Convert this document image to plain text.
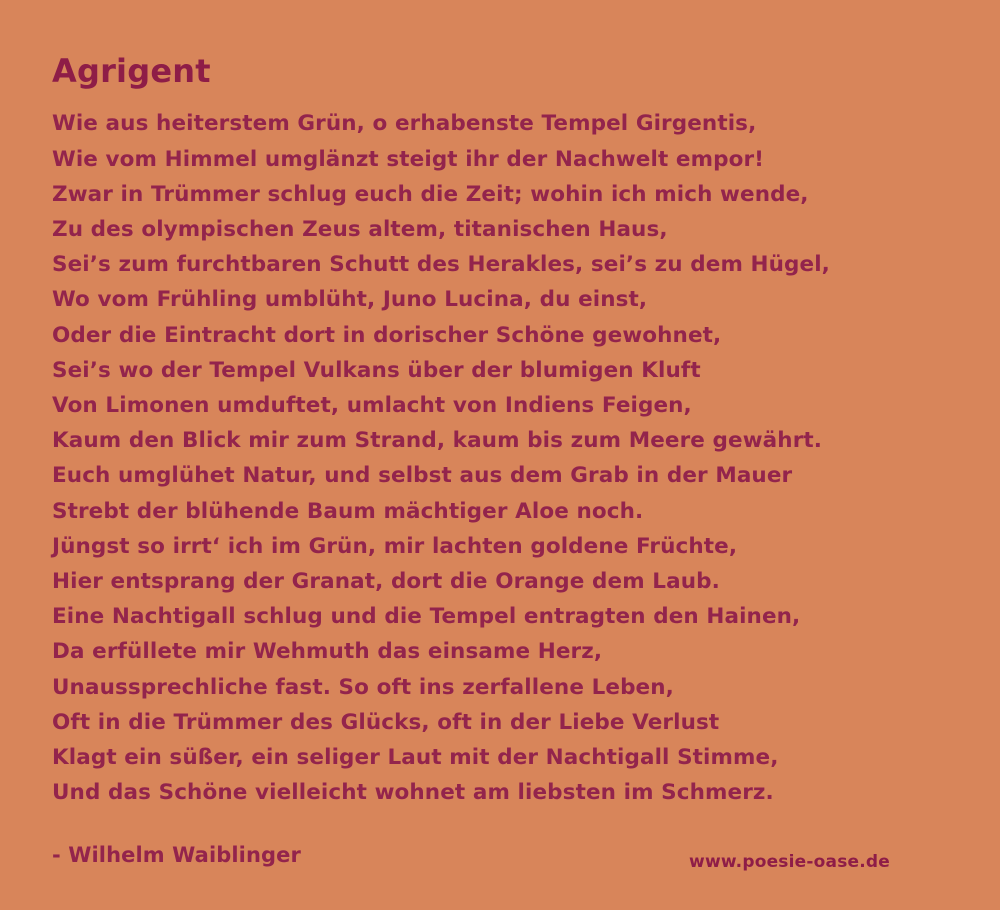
Agrigent
Wie aus heiterstem Grün, o erhabenste Tempel Girgentis,
Wie vom Himmel umglänzt steigt ihr der Nachwelt empor!
Zwar in Trümmer schlug euch die Zeit; wohin ich mich wende,
Zu des olympischen Zeus altem, titanischen Haus,
Sei’s zum furchtbaren Schutt des Herakles, sei’s zu dem Hügel,
Wo vom Frühling umblüht, Juno Lucina, du einst,
Oder die Eintracht dort in dorischer Schöne gewohnet,
Sei’s wo der Tempel Vulkans über der blumigen Kluft
Von Limonen umduftet, umlacht von Indiens Feigen,
Kaum den Blick mir zum Strand, kaum bis zum Meere gewährt.
Euch umglühet Natur, und selbst aus dem Grab in der Mauer
Strebt der blühende Baum mächtiger Aloe noch.
Jüngst so irrt‘ ich im Grün, mir lachten goldene Früchte,
Hier entsprang der Granat, dort die Orange dem Laub.
Eine Nachtigall schlug und die Tempel entragten den Hainen,
Da erfüllete mir Wehmuth das einsame Herz,
Unaussprechliche fast. So oft ins zerfallene Leben,
Oft in die Trümmer des Glücks, oft in der Liebe Verlust
Klagt ein süßer, ein seliger Laut mit der Nachtigall Stimme,
Und das Schöne vielleicht wohnet am liebsten im Schmerz.
- Wilhelm Waiblinger	www.poesie-oase.de
